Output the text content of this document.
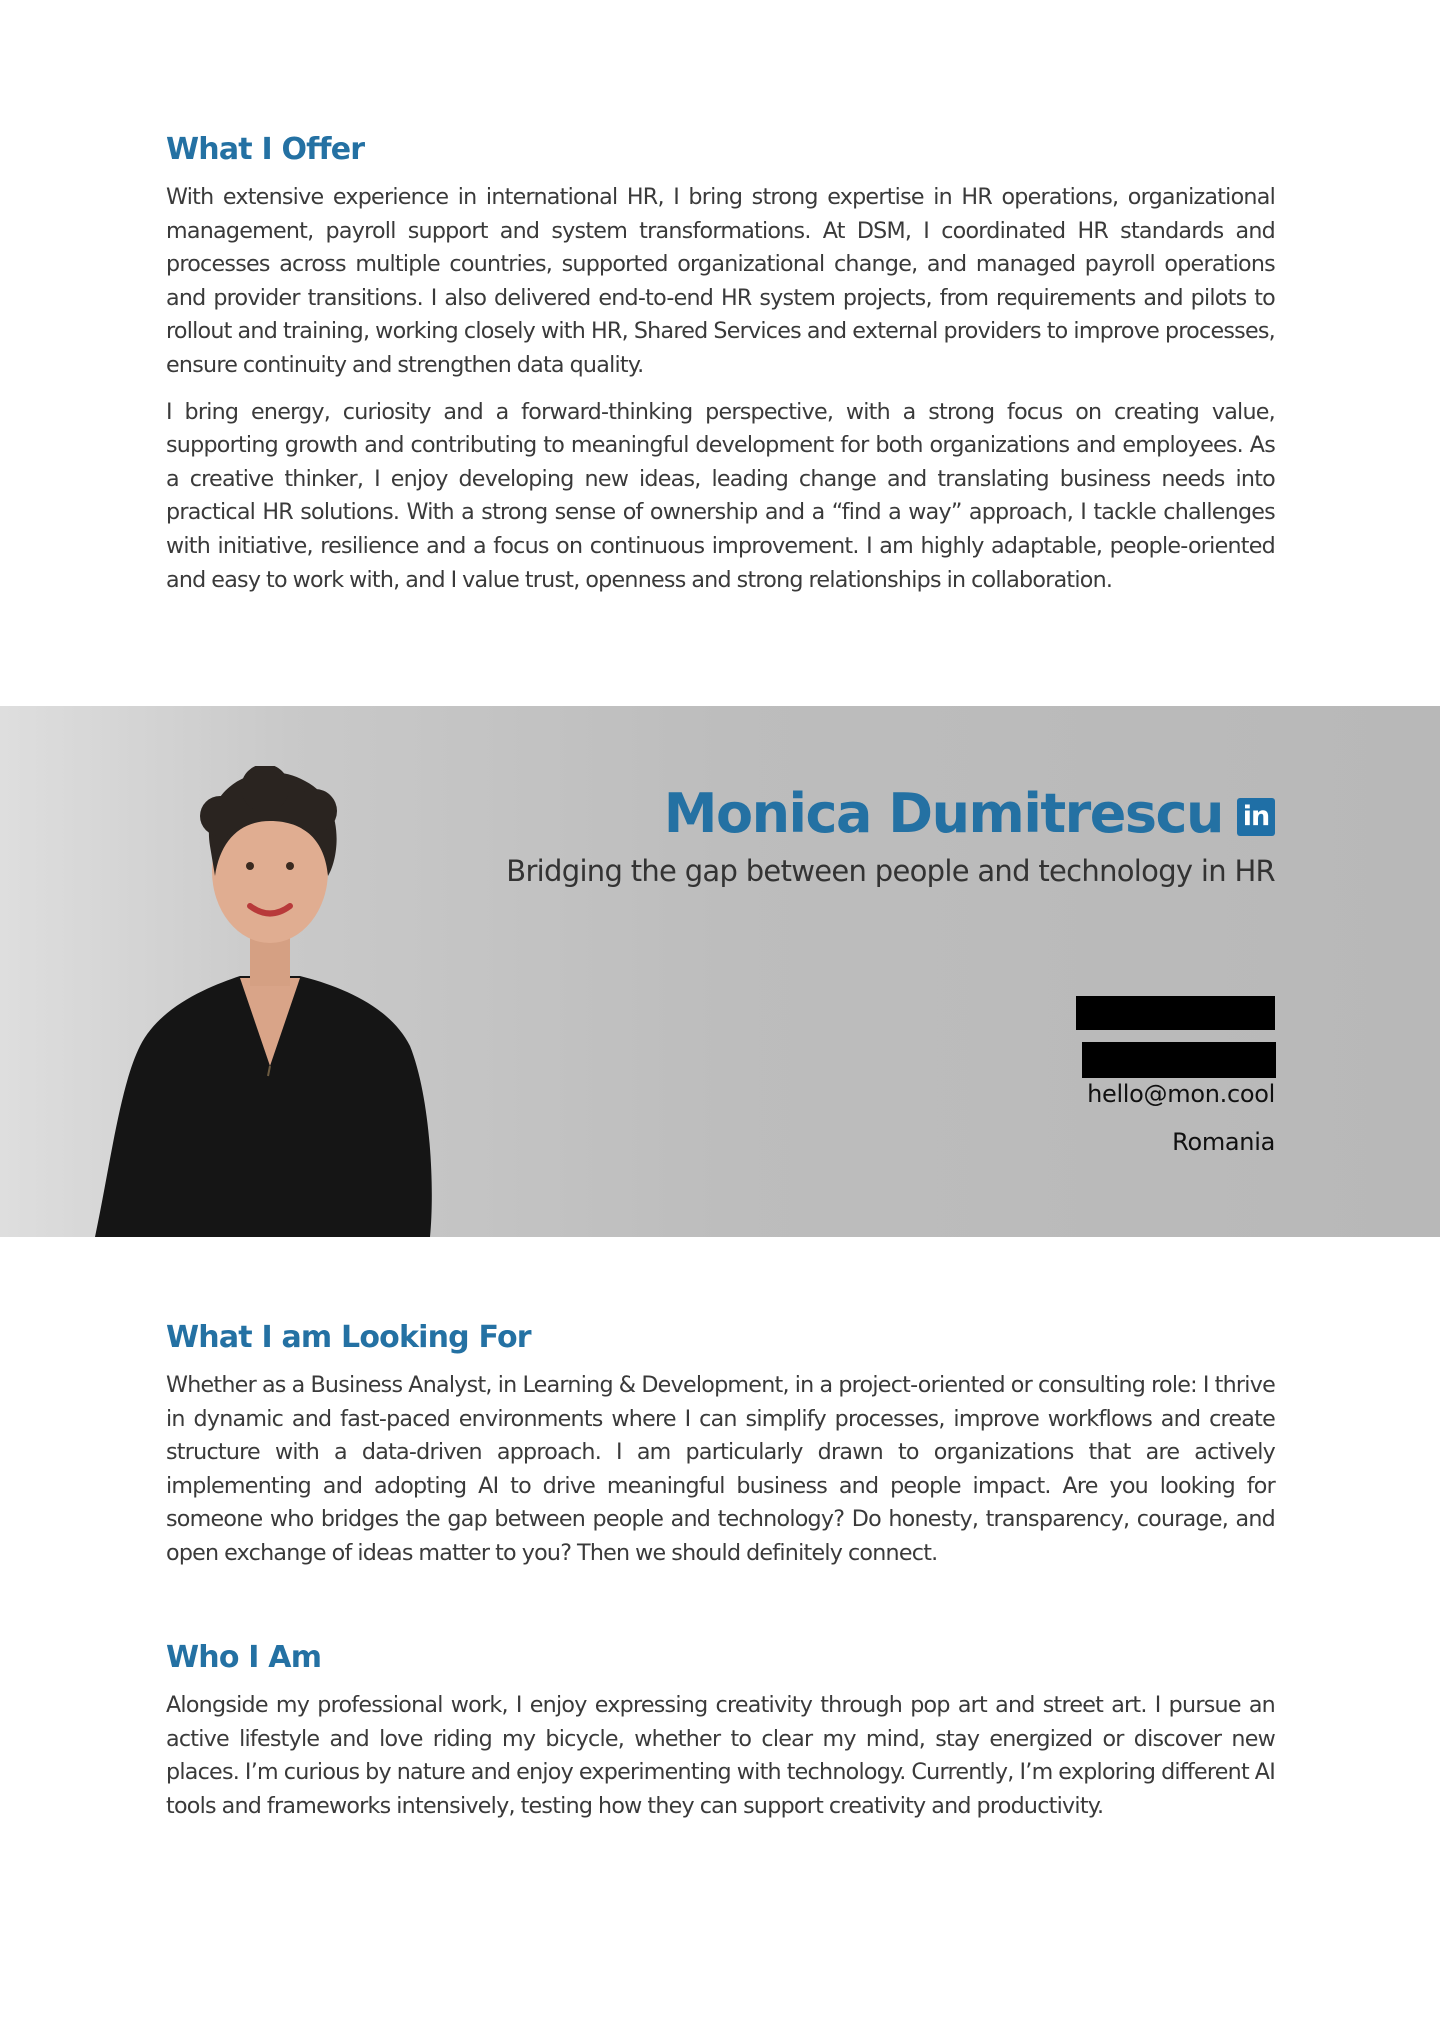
What I Offer

With extensive experience in international HR, I bring strong expertise in HR operations, organizational management, payroll support and system transformations. At DSM, I coordinated HR standards and processes across multiple countries, supported organizational change, and managed payroll operations and provider transitions. I also delivered end-to-end HR system projects, from requirements and pilots to rollout and training, working closely with HR, Shared Services and external providers to improve processes, ensure continuity and strengthen data quality.

I bring energy, curiosity and a forward-thinking perspective, with a strong focus on creating value, supporting growth and contributing to meaningful development for both organizations and employees. As a creative thinker, I enjoy developing new ideas, leading change and translating business needs into practical HR solutions. With a strong sense of ownership and a “find a way” approach, I tackle challenges with initiative, resilience and a focus on continuous improvement. I am highly adaptable, people-oriented and easy to work with, and I value trust, openness and strong relationships in collaboration.

Monica Dumitrescu in
Bridging the gap between people and technology in HR
hello@mon.cool
Romania
What I am Looking For

Whether as a Business Analyst, in Learning & Development, in a project-oriented or consulting role: I thrive in dynamic and fast-paced environments where I can simplify processes, improve workflows and create structure with a data-driven approach. I am particularly drawn to organizations that are actively implementing and adopting AI to drive meaningful business and people impact. Are you looking for someone who bridges the gap between people and technology? Do honesty, transparency, courage, and open exchange of ideas matter to you? Then we should definitely connect.

Who I Am

Alongside my professional work, I enjoy expressing creativity through pop art and street art. I pursue an active lifestyle and love riding my bicycle, whether to clear my mind, stay energized or discover new places. I’m curious by nature and enjoy experimenting with technology. Currently, I’m exploring different AI tools and frameworks intensively, testing how they can support creativity and productivity.
